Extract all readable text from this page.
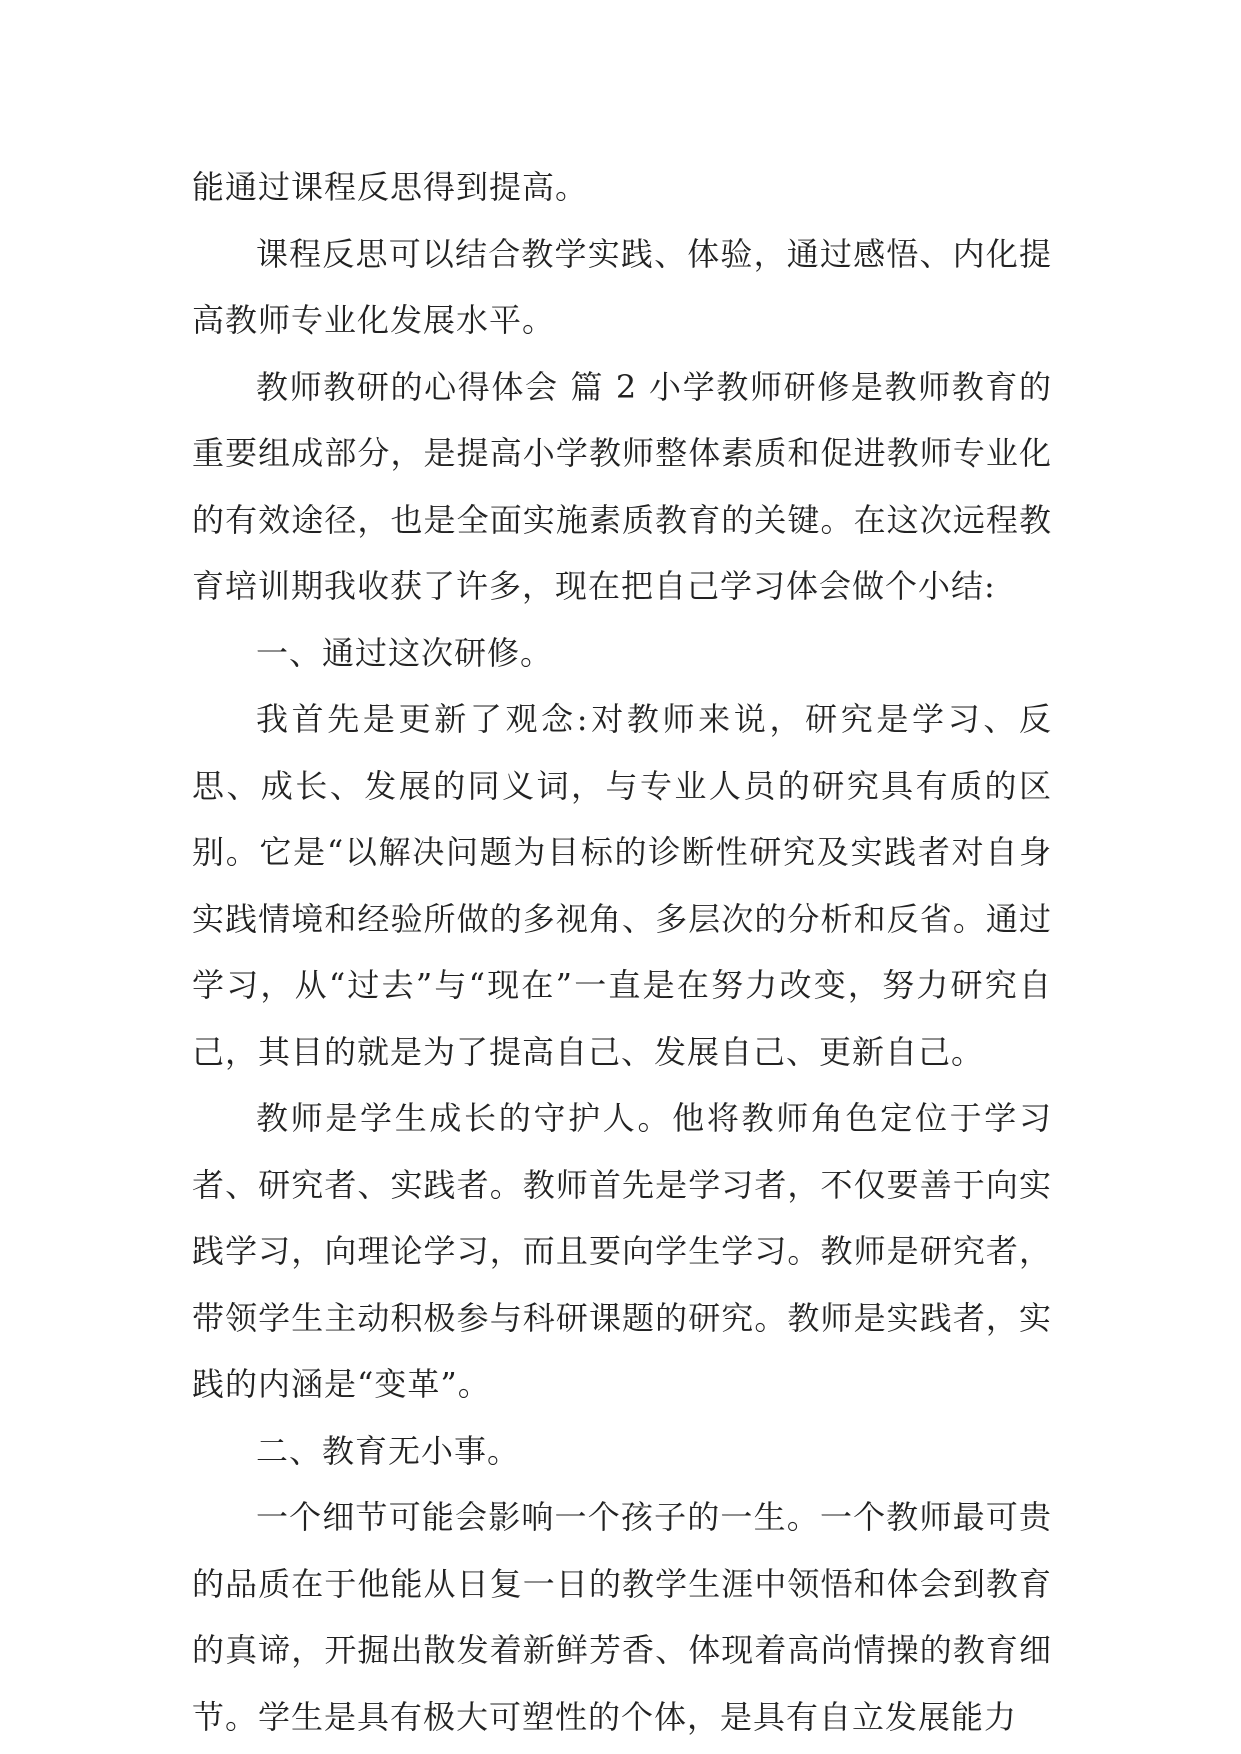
能通过课程反思得到提高。

课程反思可以结合教学实践、体验，通过感悟、内化提高教师专业化发展水平。

教师教研的心得体会 篇 2 小学教师研修是教师教育的重要组成部分，是提高小学教师整体素质和促进教师专业化的有效途径，也是全面实施素质教育的关键。在这次远程教育培训期我收获了许多，现在把自己学习体会做个小结:

一、通过这次研修。

我首先是更新了观念:对教师来说，研究是学习、反思、成长、发展的同义词，与专业人员的研究具有质的区别。它是“以解决问题为目标的诊断性研究及实践者对自身实践情境和经验所做的多视角、多层次的分析和反省。通过学习，从“过去”与“现在”一直是在努力改变，努力研究自己，其目的就是为了提高自己、发展自己、更新自己。

教师是学生成长的守护人。他将教师角色定位于学习者、研究者、实践者。教师首先是学习者，不仅要善于向实践学习，向理论学习，而且要向学生学习。教师是研究者，带领学生主动积极参与科研课题的研究。教师是实践者，实践的内涵是“变革”。

二、教育无小事。

一个细节可能会影响一个孩子的一生。一个教师最可贵的品质在于他能从日复一日的教学生涯中领悟和体会到教育的真谛，开掘出散发着新鲜芳香、体现着高尚情操的教育细节。学生是具有极大可塑性的个体，是具有自立发展能力
